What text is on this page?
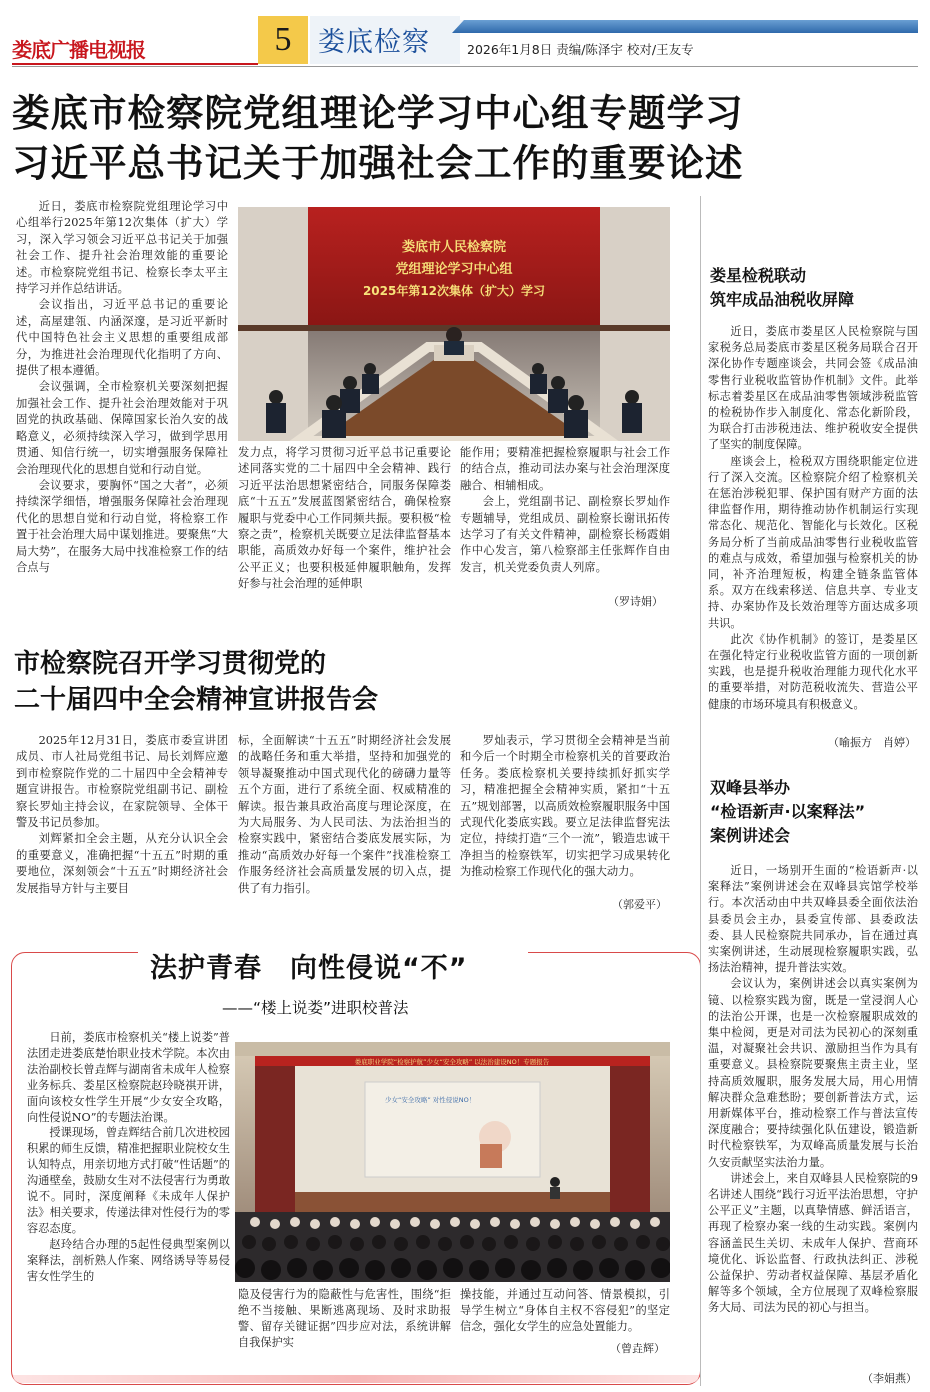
娄底广播电视报	5 娄底检察	2026年1月8日 责编/陈泽宇 校对/王友专
娄底市检察院党组理论学习中心组专题学习
习近平总书记关于加强社会工作的重要论述

近日，娄底市检察院党组理论学习中心组举行2025年第12次集体（扩大）学习，深入学习领会习近平总书记关于加强社会工作、提升社会治理效能的重要论述。市检察院党组书记、检察长李太平主持学习并作总结讲话。

会议指出，习近平总书记的重要论述，高屋建瓴、内涵深邃，是习近平新时代中国特色社会主义思想的重要组成部分，为推进社会治理现代化指明了方向、提供了根本遵循。

会议强调，全市检察机关要深刻把握加强社会工作、提升社会治理效能对于巩固党的执政基础、保障国家长治久安的战略意义，必须持续深入学习，做到学思用贯通、知信行统一，切实增强服务保障社会治理现代化的思想自觉和行动自觉。

会议要求，要胸怀“国之大者”，必须持续深学细悟，增强服务保障社会治理现代化的思想自觉和行动自觉，将检察工作置于社会治理大局中谋划推进。要聚焦“大局大势”，在服务大局中找准检察工作的结合点与

娄底市人民检察院
党组理论学习中心组
2025年第12次集体（扩大）学习
发力点，将学习贯彻习近平总书记重要论述同落实党的二十届四中全会精神、践行习近平法治思想紧密结合，同服务保障娄底“十五五”发展蓝图紧密结合，确保检察履职与党委中心工作同频共振。要积极“检察之责”，检察机关既要立足法律监督基本职能，高质效办好每一个案件，维护社会公平正义；也要积极延伸履职触角，发挥好参与社会治理的延伸职
能作用；要精准把握检察履职与社会工作的结合点，推动司法办案与社会治理深度融合、相辅相成。

会上，党组副书记、副检察长罗灿作专题辅导，党组成员、副检察长谢讯拓传达学习了有关文件精神，副检察长杨霞娟作中心发言，第八检察部主任张辉作自由发言，机关党委负责人列席。

（罗诗娟）
市检察院召开学习贯彻党的
二十届四中全会精神宣讲报告会

2025年12月31日，娄底市委宣讲团成员、市人社局党组书记、局长刘辉应邀到市检察院作党的二十届四中全会精神专题宣讲报告。市检察院党组副书记、副检察长罗灿主持会议，在家院领导、全体干警及书记员参加。

刘辉紧扣全会主题，从充分认识全会的重要意义，准确把握“十五五”时期的重要地位，深刻领会“十五五”时期经济社会发展指导方针与主要目

标，全面解读“十五五”时期经济社会发展的战略任务和重大举措，坚持和加强党的领导凝聚推动中国式现代化的磅礴力量等五个方面，进行了系统全面、权威精准的解读。报告兼具政治高度与理论深度，在为大局服务、为人民司法、为法治担当的检察实践中，紧密结合娄底发展实际，为推动“高质效办好每一个案件”找准检察工作服务经济社会高质量发展的切入点，提供了有力指引。

罗灿表示，学习贯彻全会精神是当前和今后一个时期全市检察机关的首要政治任务。娄底检察机关要持续抓好抓实学习，精准把握全会精神实质，紧扣“十五五”规划部署，以高质效检察履职服务中国式现代化娄底实践。要立足法律监督宪法定位，持续打造“三个一流”，锻造忠诚干净担当的检察铁军，切实把学习成果转化为推动检察工作现代化的强大动力。

（郭爱平）
法护青春　向性侵说“不”
——“楼上说娄”进职校普法

日前，娄底市检察机关“楼上说娄”普法团走进娄底楚怡职业技术学院。本次由法治副校长曾垚辉与湖南省未成年人检察业务标兵、娄星区检察院赵玲晓祺开讲，面向该校女性学生开展“少女安全攻略，向性侵说NO”的专题法治课。

授课现场，曾垚辉结合前几次进校园积累的师生反馈，精准把握职业院校女生认知特点，用亲切地方式打破“性话题”的沟通壁垒，鼓励女生对不法侵害行为勇敢说不。同时，深度阐释《未成年人保护法》相关要求，传递法律对性侵行为的零容忍态度。

赵玲结合办理的5起性侵典型案例以案释法，剖析熟人作案、网络诱导等易侵害女性学生的

娄底职业学院“检察护航”少女“安全攻略” 以法治建设NO！专题报告
少女“安全攻略” 对性侵说NO！
隐及侵害行为的隐蔽性与危害性，围绕“拒绝不当接触、果断逃离现场、及时求助报警、留存关键证据”四步应对法，系统讲解自我保护实
操技能，并通过互动问答、情景模拟，引导学生树立“身体自主权不容侵犯”的坚定信念，强化女学生的应急处置能力。
（曾垚辉）
娄星检税联动
筑牢成品油税收屏障

近日，娄底市娄星区人民检察院与国家税务总局娄底市娄星区税务局联合召开深化协作专题座谈会，共同会签《成品油零售行业税收监管协作机制》文件。此举标志着娄星区在成品油零售领域涉税监管的检税协作步入制度化、常态化新阶段，为联合打击涉税违法、维护税收安全提供了坚实的制度保障。

座谈会上，检税双方围绕职能定位进行了深入交流。区检察院介绍了检察机关在惩治涉税犯罪、保护国有财产方面的法律监督作用，期待推动协作机制运行实现常态化、规范化、智能化与长效化。区税务局分析了当前成品油零售行业税收监管的难点与成效，希望加强与检察机关的协同，补齐治理短板，构建全链条监管体系。双方在线索移送、信息共享、专业支持、办案协作及长效治理等方面达成多项共识。

此次《协作机制》的签订，是娄星区在强化特定行业税收监管方面的一项创新实践，也是提升税收治理能力现代化水平的重要举措，对防范税收流失、营造公平健康的市场环境具有积极意义。

（喻振方　肖婷）
双峰县举办
“检语新声·以案释法”
案例讲述会

近日，一场别开生面的“检语新声·以案释法”案例讲述会在双峰县宾馆学校举行。本次活动由中共双峰县委全面依法治县委员会主办，县委宣传部、县委政法委、县人民检察院共同承办，旨在通过真实案例讲述，生动展现检察履职实践，弘扬法治精神，提升普法实效。

会议认为，案例讲述会以真实案例为镜、以检察实践为窗，既是一堂浸润人心的法治公开课，也是一次检察履职成效的集中检阅，更是对司法为民初心的深刻重温，对凝聚社会共识、激励担当作为具有重要意义。县检察院要聚焦主责主业，坚持高质效履职，服务发展大局，用心用情解决群众急难愁盼；要创新普法方式，运用新媒体平台，推动检察工作与普法宣传深度融合；要持续强化队伍建设，锻造新时代检察铁军，为双峰高质量发展与长治久安贡献坚实法治力量。

讲述会上，来自双峰县人民检察院的9名讲述人围绕“践行习近平法治思想，守护公平正义”主题，以真挚情感、鲜活语言，再现了检察办案一线的生动实践。案例内容涵盖民生关切、未成年人保护、营商环境优化、诉讼监督、行政执法纠正、涉税公益保护、劳动者权益保障、基层矛盾化解等多个领域，全方位展现了双峰检察服务大局、司法为民的初心与担当。

（李娟燕）
